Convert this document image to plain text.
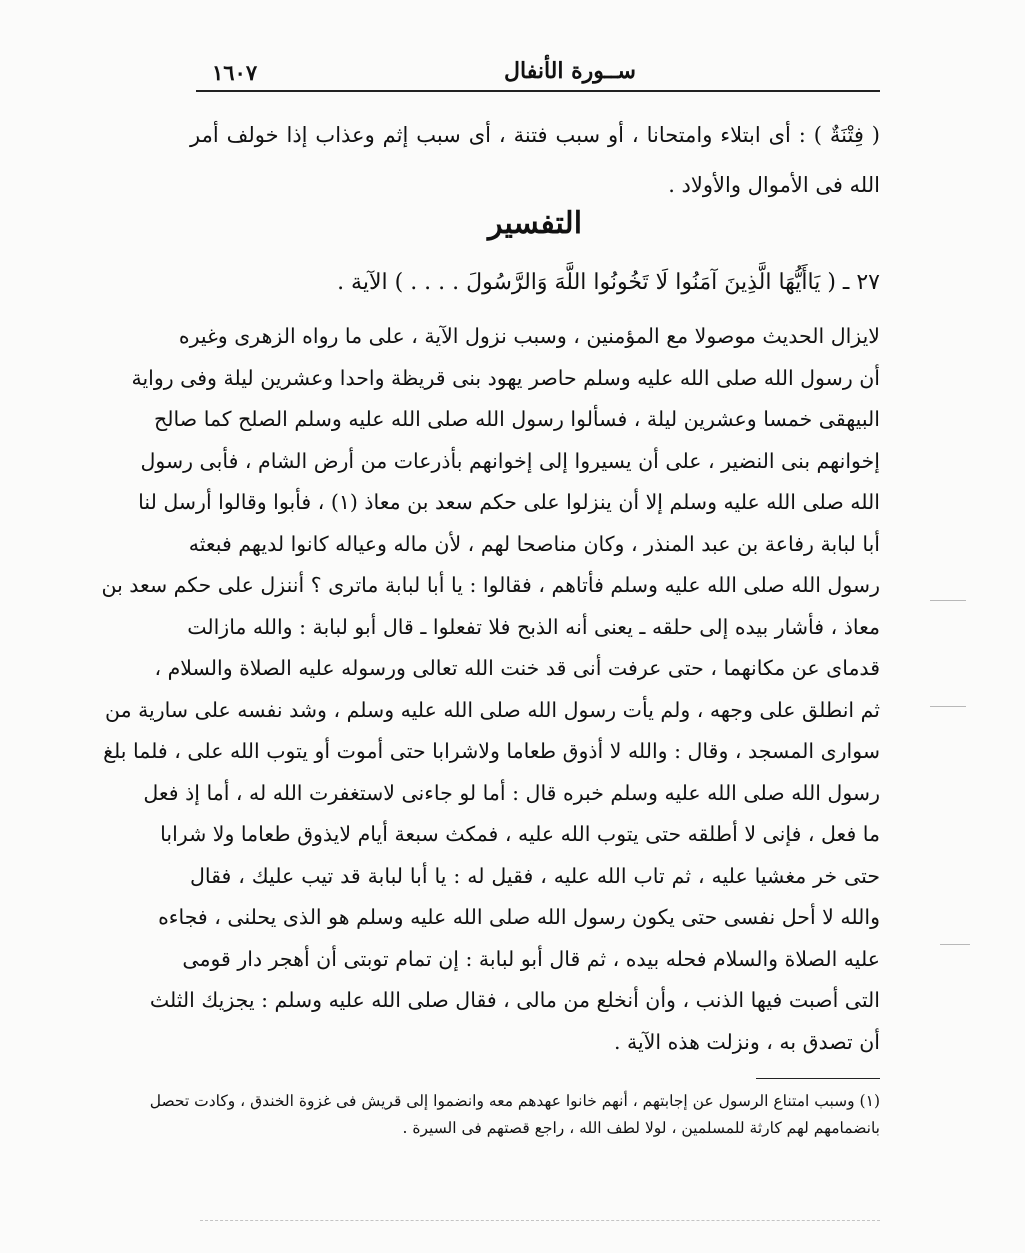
ســورة الأنفال
١٦٠٧
( فِتْنَةٌ ) : أى ابتلاء وامتحانا ، أو سبب فتنة ، أى سبب إثم وعذاب إذا خولف أمر الله فى الأموال والأولاد .
التفسير
٢٧ ـ ( يَاأَيُّهَا الَّذِينَ آمَنُوا لَا تَخُونُوا اللَّهَ وَالرَّسُولَ . . . . ) الآية .
لايزال الحديث موصولا مع المؤمنين ، وسبب نزول الآية ، على ما رواه الزهرى وغيره
أن رسول الله صلى الله عليه وسلم حاصر يهود بنى قريظة واحدا وعشرين ليلة وفى رواية
البيهقى خمسا وعشرين ليلة ، فسألوا رسول الله صلى الله عليه وسلم الصلح كما صالح
إخوانهم بنى النضير ، على أن يسيروا إلى إخوانهم بأذرعات من أرض الشام ، فأبى رسول
الله صلى الله عليه وسلم إلا أن ينزلوا على حكم سعد بن معاذ (١) ، فأبوا وقالوا أرسل لنا
أبا لبابة رفاعة بن عبد المنذر ، وكان مناصحا لهم ، لأن ماله وعياله كانوا لديهم فبعثه
رسول الله صلى الله عليه وسلم فأتاهم ، فقالوا : يا أبا لبابة ماترى ؟ أننزل على حكم سعد بن
معاذ ، فأشار بيده إلى حلقه ـ يعنى أنه الذبح فلا تفعلوا ـ قال أبو لبابة : والله مازالت
قدماى عن مكانهما ، حتى عرفت أنى قد خنت الله تعالى ورسوله عليه الصلاة والسلام ،
ثم انطلق على وجهه ، ولم يأت رسول الله صلى الله عليه وسلم ، وشد نفسه على سارية من
سوارى المسجد ، وقال : والله لا أذوق طعاما ولاشرابا حتى أموت أو يتوب الله على ، فلما بلغ
رسول الله صلى الله عليه وسلم خبره قال : أما لو جاءنى لاستغفرت الله له ، أما إذ فعل
ما فعل ، فإنى لا أطلقه حتى يتوب الله عليه ، فمكث سبعة أيام لايذوق طعاما ولا شرابا
حتى خر مغشيا عليه ، ثم تاب الله عليه ، فقيل له : يا أبا لبابة قد تيب عليك ، فقال
والله لا أحل نفسى حتى يكون رسول الله صلى الله عليه وسلم هو الذى يحلنى ، فجاءه
عليه الصلاة والسلام فحله بيده ، ثم قال أبو لبابة : إن تمام توبتى أن أهجر دار قومى
التى أصبت فيها الذنب ، وأن أنخلع من مالى ، فقال صلى الله عليه وسلم : يجزيك الثلث
أن تصدق به ، ونزلت هذه الآية .
(١) وسبب امتناع الرسول عن إجابتهم ، أنهم خانوا عهدهم معه وانضموا إلى قريش فى غزوة الخندق ، وكادت تحصل
بانضمامهم لهم كارثة للمسلمين ، لولا لطف الله ، راجع قصتهم فى السيرة .
